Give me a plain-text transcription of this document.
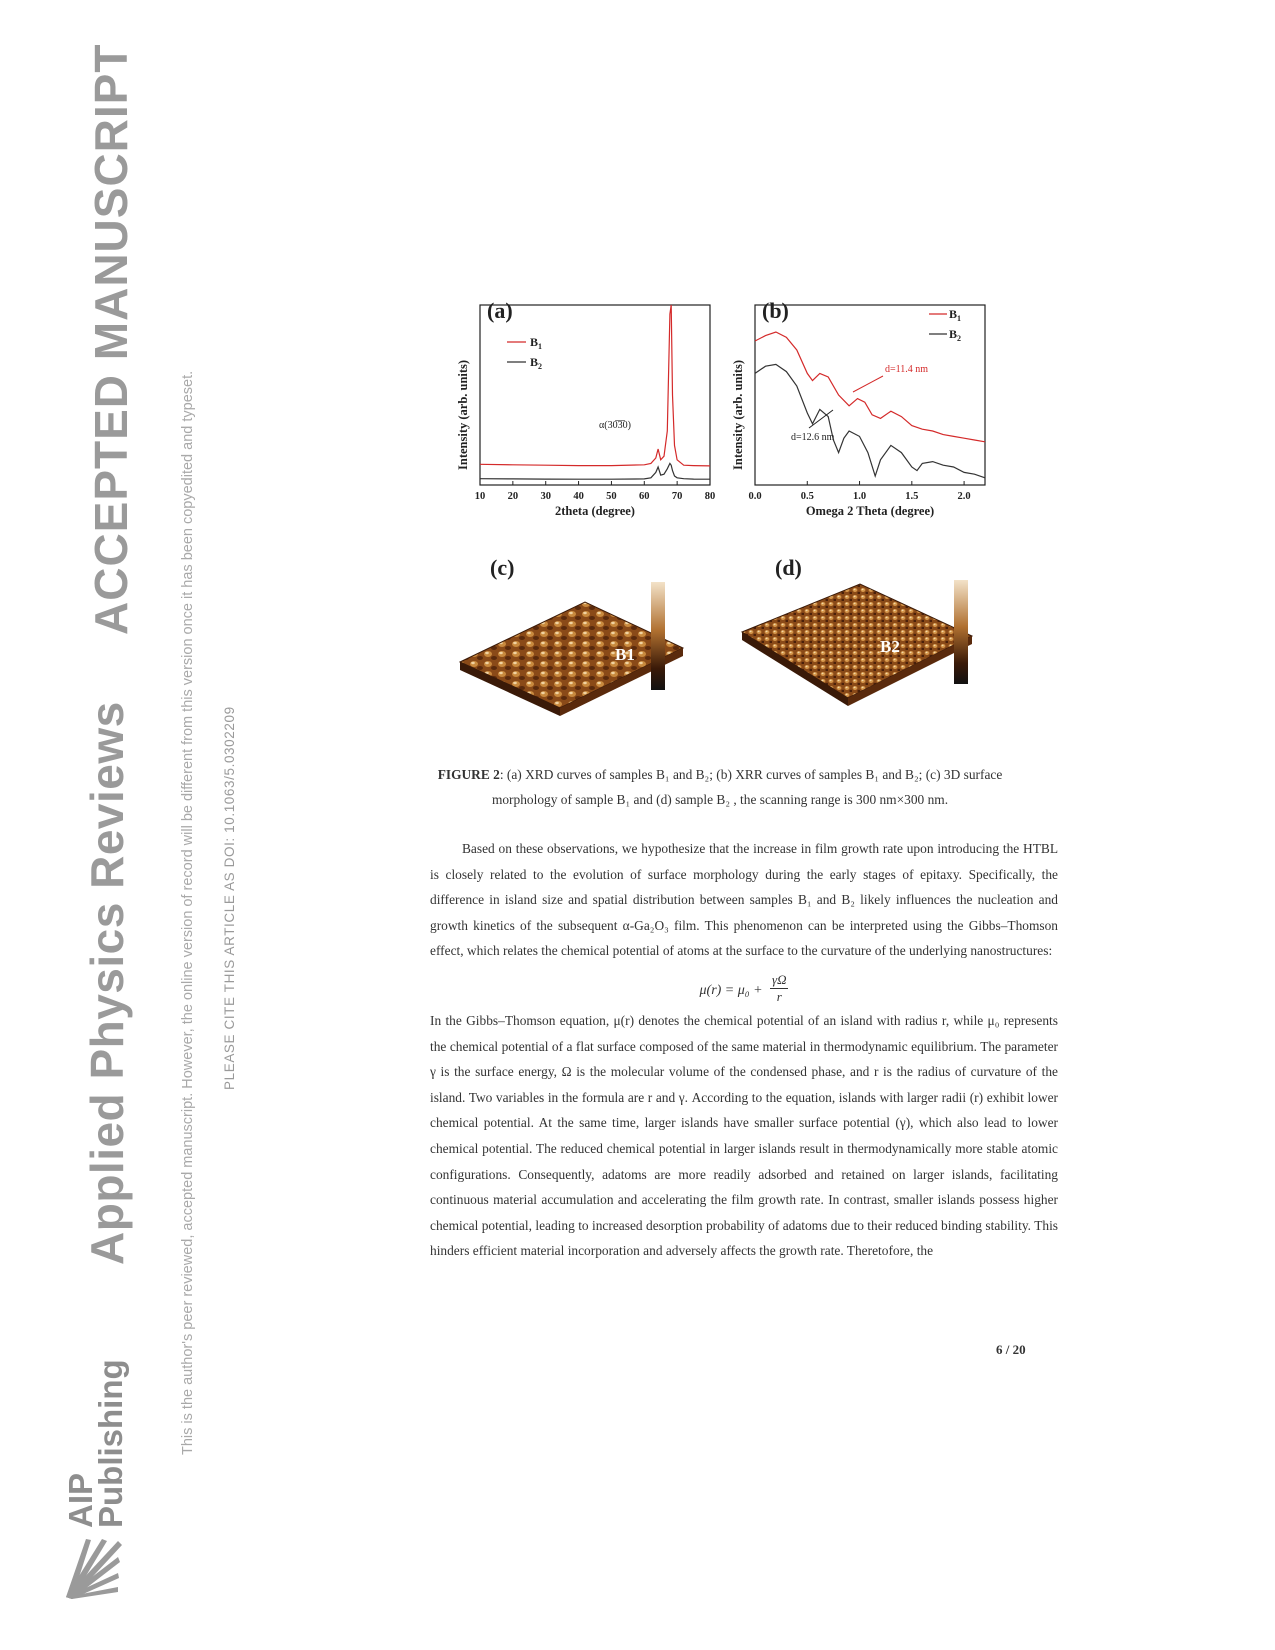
Applied Physics Reviews
ACCEPTED MANUSCRIPT
This is the author's peer reviewed, accepted manuscript. However, the online version of record will be different from this version once it has been copyedited and typeset. PLEASE CITE THIS ARTICLE AS DOI: 10.1063/5.0302209
AIP
Publishing
Intensity (arb. units)
2theta (degree)
10 20 30 40 50 60 70 80
$B_1$
$B_2$
α(30̅3̅0)
(a)
Intensity (arb. units)
Omega 2 Theta (degree)
0.0	0.5	1.0	1.5	2.0
$B_1$
$B_2$
d=11.4 nm
d=12.6 nm
(b)
(c)
B1
(d)
B2
FIGURE 2: (a) XRD curves of samples B₁ and B₂; (b) XRR curves of samples B₁ and B₂; (c) 3D surface morphology of sample B₁ and (d) sample B₂ , the scanning range is 300 nm×300 nm.

Based on these observations, we hypothesize that the increase in film growth rate upon introducing the HTBL is closely related to the evolution of surface morphology during the early stages of epitaxy. Specifically, the difference in island size and spatial distribution between samples B₁ and B₂ likely influences the nucleation and growth kinetics of the subsequent α-Ga₂O₃ film. This phenomenon can be interpreted using the Gibbs–Thomson effect, which relates the chemical potential of atoms at the surface to the curvature of the underlying nanostructures:

$\mu(r) = \mu_0 + \frac{\gamma\Omega}{r}$

In the Gibbs–Thomson equation, μ(r) denotes the chemical potential of an island with radius r, while μ₀ represents the chemical potential of a flat surface composed of the same material in thermodynamic equilibrium. The parameter γ is the surface energy, Ω is the molecular volume of the condensed phase, and r is the radius of curvature of the island. Two variables in the formula are r and γ. According to the equation, islands with larger radii (r) exhibit lower chemical potential. At the same time, larger islands have smaller surface potential (γ), which also lead to lower chemical potential. The reduced chemical potential in larger islands result in thermodynamically more stable atomic configurations. Consequently, adatoms are more readily adsorbed and retained on larger islands, facilitating continuous material accumulation and accelerating the film growth rate. In contrast, smaller islands possess higher chemical potential, leading to increased desorption probability of adatoms due to their reduced binding stability. This hinders efficient material incorporation and adversely affects the growth rate. Theretofore, the

6 / 20
